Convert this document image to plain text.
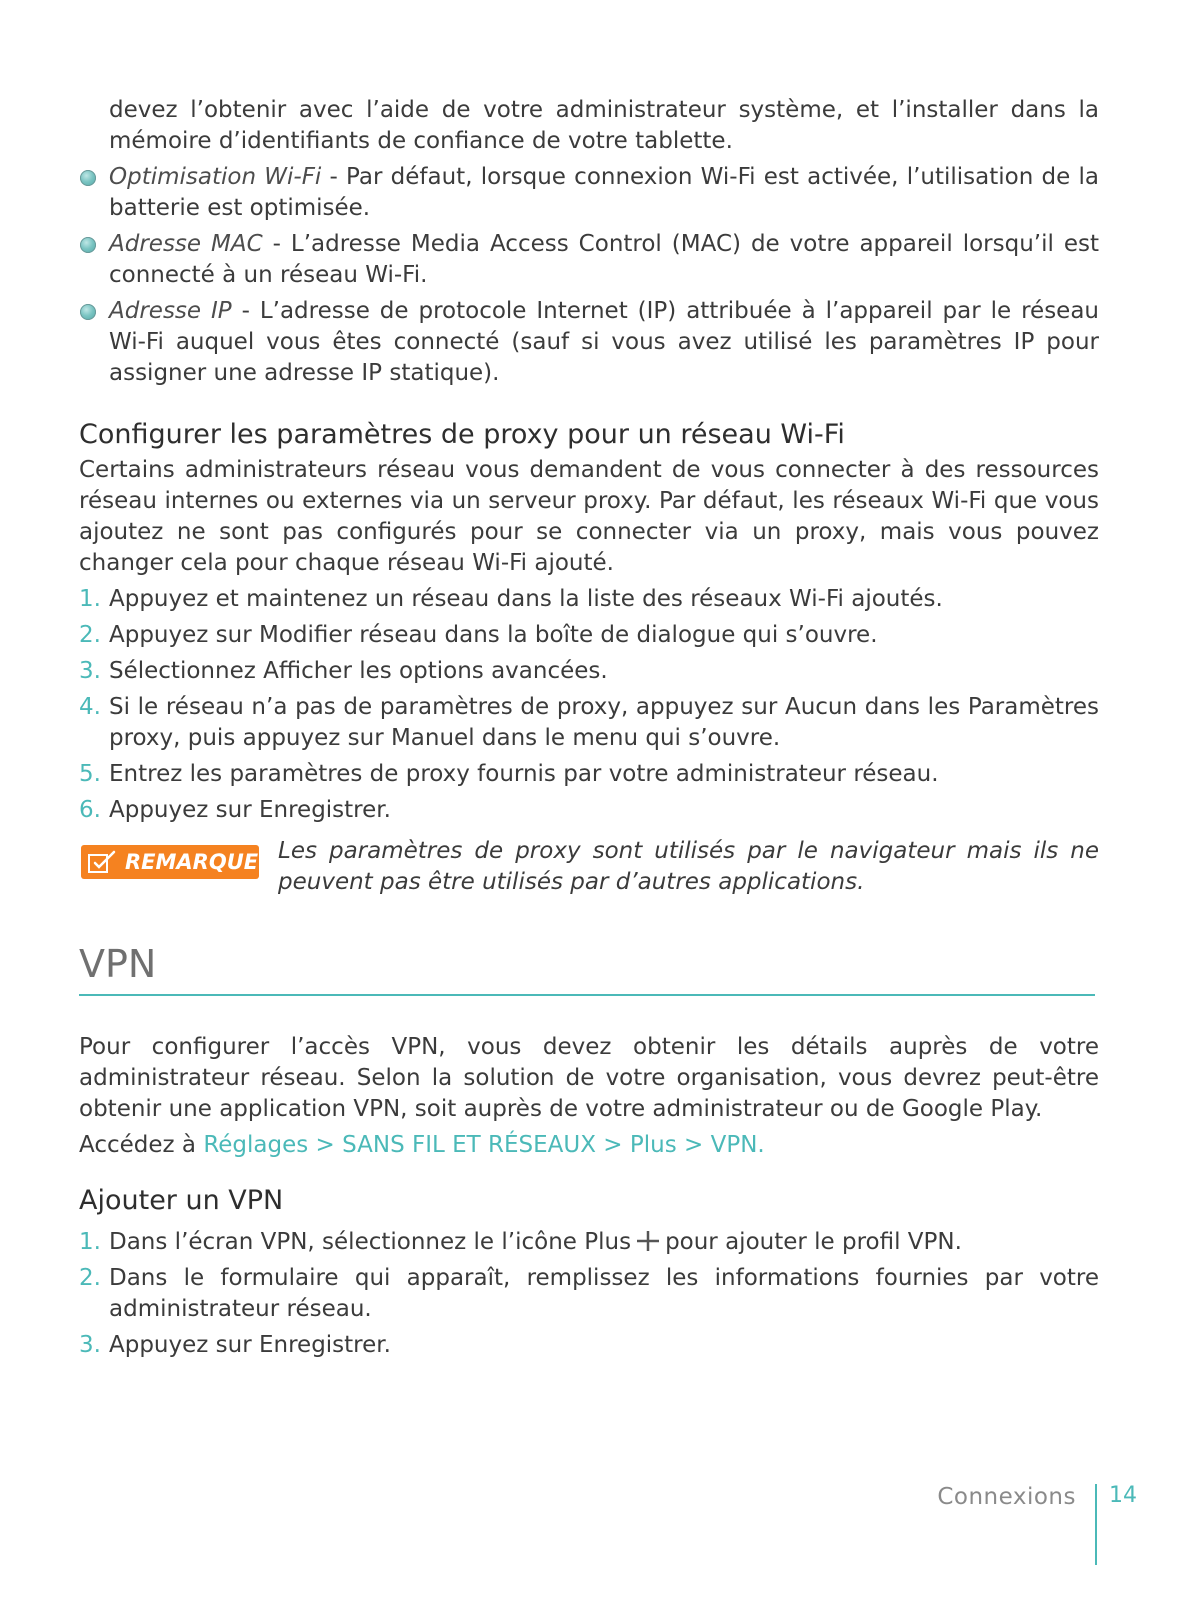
devez l’obtenir avec l’aide de votre administrateur système, et l’installer dans la mémoire d’identifiants de confiance de votre tablette.

Optimisation Wi-Fi - Par défaut, lorsque connexion Wi-Fi est activée, l’utilisation de la batterie est optimisée.
Adresse MAC - L’adresse Media Access Control (MAC) de votre appareil lorsqu’il est connecté à un réseau Wi-Fi.
Adresse IP - L’adresse de protocole Internet (IP) attribuée à l’appareil par le réseau Wi-Fi auquel vous êtes connecté (sauf si vous avez utilisé les paramètres IP pour assigner une adresse IP statique).
Configurer les paramètres de proxy pour un réseau Wi-Fi

Certains administrateurs réseau vous demandent de vous connecter à des ressources réseau internes ou externes via un serveur proxy. Par défaut, les réseaux Wi-Fi que vous ajoutez ne sont pas configurés pour se connecter via un proxy, mais vous pouvez changer cela pour chaque réseau Wi-Fi ajouté.

1. Appuyez et maintenez un réseau dans la liste des réseaux Wi-Fi ajoutés.
2. Appuyez sur Modifier réseau dans la boîte de dialogue qui s’ouvre.
3. Sélectionnez Afficher les options avancées.
4. Si le réseau n’a pas de paramètres de proxy, appuyez sur Aucun dans les Paramètres proxy, puis appuyez sur Manuel dans le menu qui s’ouvre.
5. Entrez les paramètres de proxy fournis par votre administrateur réseau.
6. Appuyez sur Enregistrer.
REMARQUE Les paramètres de proxy sont utilisés par le navigateur mais ils ne peuvent pas être utilisés par d’autres applications.
VPN

Pour configurer l’accès VPN, vous devez obtenir les détails auprès de votre administrateur réseau. Selon la solution de votre organisation, vous devrez peut-être obtenir une application VPN, soit auprès de votre administrateur ou de Google Play.

Accédez à Réglages > SANS FIL ET RÉSEAUX > Plus > VPN.

Ajouter un VPN
1. Dans l’écran VPN, sélectionnez le l’icône Plus pour ajouter le profil VPN.
2. Dans le formulaire qui apparaît, remplissez les informations fournies par votre administrateur réseau.
3. Appuyez sur Enregistrer.
Connexions 14
